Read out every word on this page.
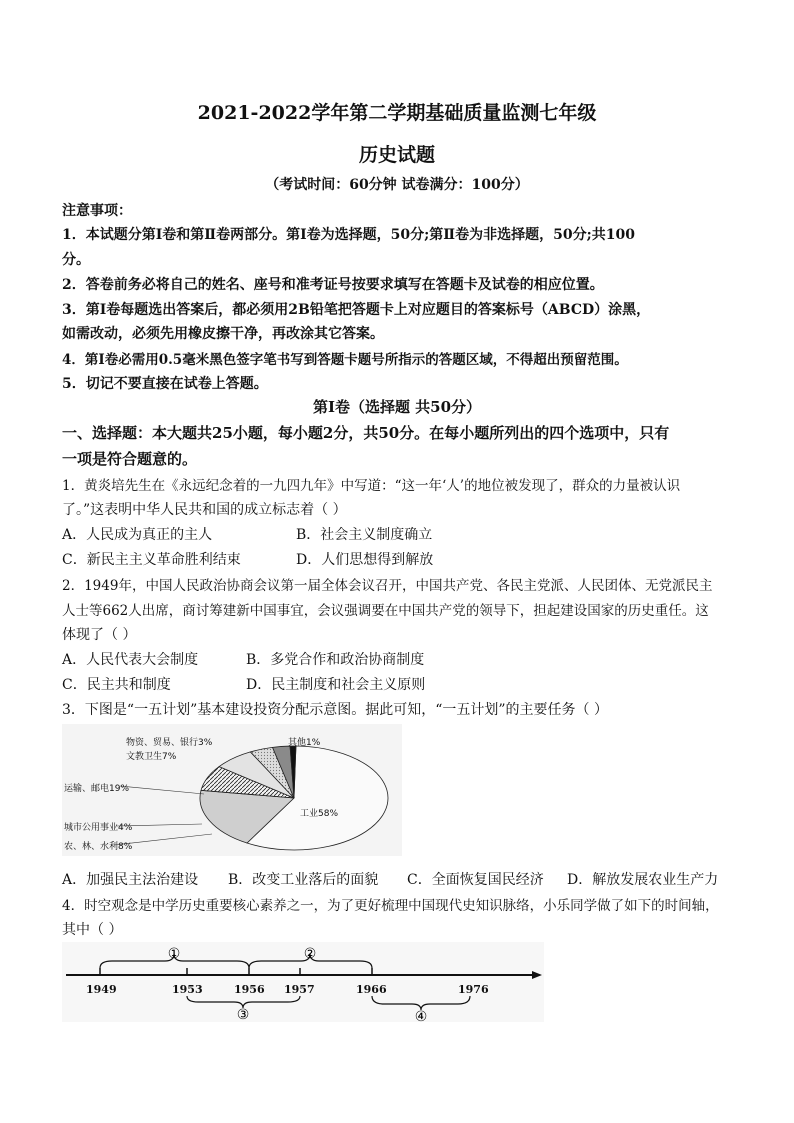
2021-2022学年第二学期基础质量监测七年级
历史试题
（考试时间：60分钟 试卷满分：100分）
注意事项：
1．本试题分第Ⅰ卷和第Ⅱ卷两部分。第Ⅰ卷为选择题，50分;第Ⅱ卷为非选择题，50分;共100
分。
2．答卷前务必将自己的姓名、座号和准考证号按要求填写在答题卡及试卷的相应位置。
3．第Ⅰ卷每题选出答案后，都必须用2B铅笔把答题卡上对应题目的答案标号（ABCD）涂黑，
如需改动，必须先用橡皮擦干净，再改涂其它答案。
4．第Ⅰ卷必需用0.5毫米黑色签字笔书写到答题卡题号所指示的答题区域，不得超出预留范围。
5．切记不要直接在试卷上答题。
第Ⅰ卷（选择题 共50分）
一、选择题：本大题共25小题，每小题2分，共50分。在每小题所列出的四个选项中，只有
一项是符合题意的。
1．黄炎培先生在《永远纪念着的一九四九年》中写道：“这一年‘人’的地位被发现了，群众的力量被认识
了。”这表明中华人民共和国的成立标志着（ ）
A．人民成为真正的主人	B．社会主义制度确立
C．新民主主义革命胜利结束	D．人们思想得到解放
2．1949年，中国人民政治协商会议第一届全体会议召开，中国共产党、各民主党派、人民团体、无党派民主
人士等662人出席，商讨筹建新中国事宜，会议强调要在中国共产党的领导下，担起建设国家的历史重任。这
体现了（ ）
A．人民代表大会制度	B．多党合作和政治协商制度
C．民主共和制度	D．民主制度和社会主义原则
3．下图是“一五计划”基本建设投资分配示意图。据此可知，“一五计划”的主要任务（ ）
物资、贸易、银行3%	其他1%
文教卫生7%
运输、邮电19%
城市公用事业4%
农、林、水利8%
工业58%
A．加强民主法治建设 B．改变工业落后的面貌 C．全面恢复国民经济 D．解放发展农业生产力
4．时空观念是中学历史重要核心素养之一，为了更好梳理中国现代史知识脉络，小乐同学做了如下的时间轴，
其中（ ）
1949	1953	1956 1957	1966	1976
①	②
③	④
